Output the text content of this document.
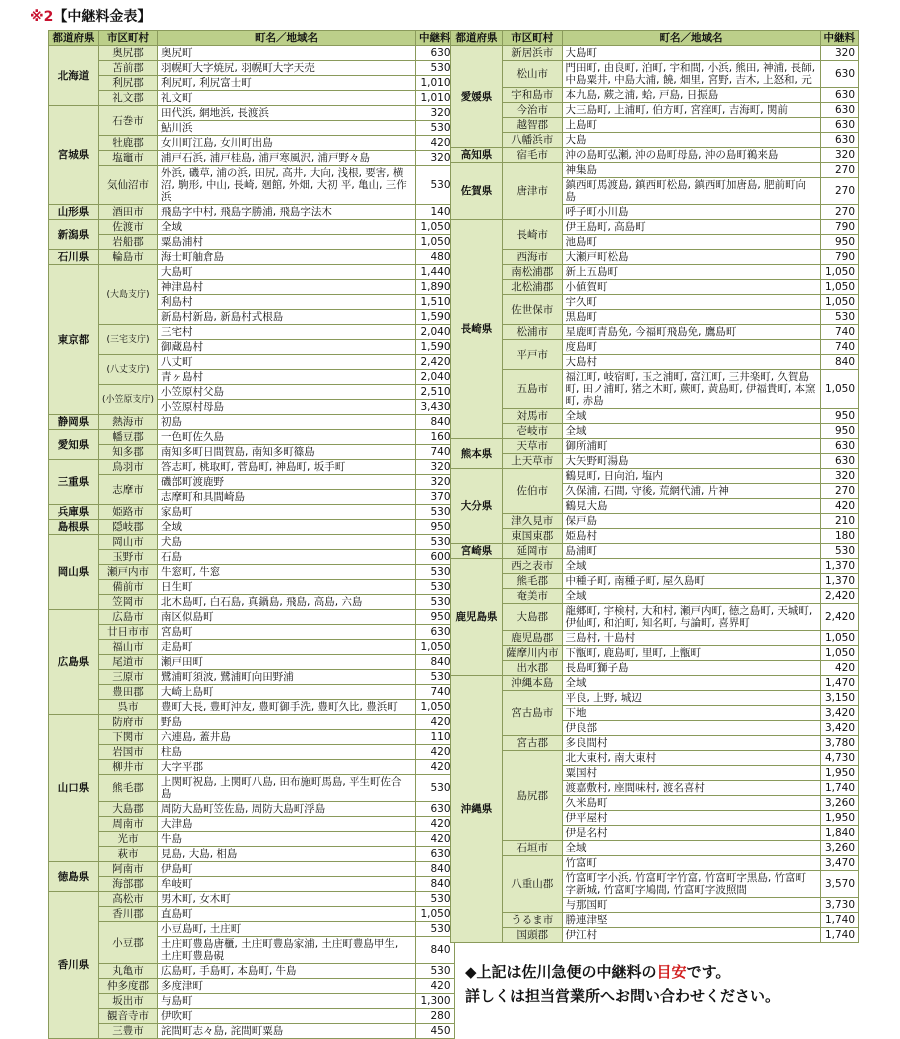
※2【中継料金表】
都道府県	市区町村	町名／地域名	中継料
北海道	奥尻郡	奥尻町	630
	苫前郡	羽幌町大字焼尻, 羽幌町大字天売	530
	利尻郡	利尻町, 利尻富士町	1,010
	礼文郡	礼文町	1,010
宮城県	石巻市	田代浜, 網地浜, 長渡浜	320
		鮎川浜	530
	牡鹿郡	女川町江島, 女川町出島	420
	塩竈市	浦戸石浜, 浦戸桂島, 浦戸寒風沢, 浦戸野々島	320
	気仙沼市	外浜, 磯草, 浦の浜, 田尻, 高井, 大向, 浅根, 要害, 横沼, 駒形, 中山, 長崎, 廻館, 外畑, 大初 平, 亀山, 三作浜	530
山形県	酒田市	飛島字中村, 飛島字勝浦, 飛島字法木	140
新潟県	佐渡市	全域	1,050
	岩船郡	粟島浦村	1,050
石川県	輪島市	海士町舳倉島	480
東京都	(大島支庁)	大島町	1,440
		神津島村	1,890
		利島村	1,510
		新島村新島, 新島村式根島	1,590
	(三宅支庁)	三宅村	2,040
		御蔵島村	1,590
	(八丈支庁)	八丈町	2,420
		青ヶ島村	2,040
	(小笠原支庁)	小笠原村父島	2,510
		小笠原村母島	3,430
静岡県	熱海市	初島	840
愛知県	幡豆郡	一色町佐久島	160
	知多郡	南知多町日間賀島, 南知多町篠島	740
三重県	鳥羽市	答志町, 桃取町, 菅島町, 神島町, 坂手町	320
	志摩市	磯部町渡鹿野	320
		志摩町和具間崎島	370
兵庫県	姫路市	家島町	530
島根県	隠岐郡	全域	950
岡山県	岡山市	犬島	530
	玉野市	石島	600
	瀬戸内市	牛窓町, 牛窓	530
	備前市	日生町	530
	笠岡市	北木島町, 白石島, 真鍋島, 飛島, 高島, 六島	530
広島県	広島市	南区似島町	950
	廿日市市	宮島町	630
	福山市	走島町	1,050
	尾道市	瀬戸田町	840
	三原市	鷺浦町須波, 鷺浦町向田野浦	530
	豊田郡	大崎上島町	740
	呉市	豊町大長, 豊町沖友, 豊町御手洗, 豊町久比, 豊浜町	1,050
山口県	防府市	野島	420
	下関市	六連島, 蓋井島	110
	岩国市	柱島	420
	柳井市	大字平郡	420
	熊毛郡	上関町祝島, 上関町八島, 田布施町馬島, 平生町佐合島	530
	大島郡	周防大島町笠佐島, 周防大島町浮島	630
	周南市	大津島	420
	光市	牛島	420
	萩市	見島, 大島, 相島	630
徳島県	阿南市	伊島町	840
	海部郡	牟岐町	840
香川県	高松市	男木町, 女木町	530
	香川郡	直島町	1,050
	小豆郡	小豆島町, 土庄町	530
		土庄町豊島唐櫃, 土庄町豊島家浦, 土庄町豊島甲生, 土庄町豊島硯	840
	丸亀市	広島町, 手島町, 本島町, 牛島	530
	仲多度郡	多度津町	420
	坂出市	与島町	1,300
	観音寺市	伊吹町	280
	三豊市	詫間町志々島, 詫間町粟島	450
都道府県	市区町村	町名／地域名	中継料
愛媛県	新居浜市	大島町	320
	松山市	門田町, 由良町, 泊町, 宇和間, 小浜, 熊田, 神浦, 長師, 中島粟井, 中島大浦, 饒, 畑里, 宮野, 吉木, 上怒和, 元	630
	宇和島市	本九島, 蕨之浦, 蛤, 戸島, 日振島	630
	今治市	大三島町, 上浦町, 伯方町, 宮窪町, 吉海町, 関前	630
	越智郡	上島町	630
	八幡浜市	大島	630
高知県	宿毛市	沖の島町弘瀬, 沖の島町母島, 沖の島町鵜来島	320
佐賀県	唐津市	神集島	270
		鎮西町馬渡島, 鎮西町松島, 鎮西町加唐島, 肥前町向島	270
		呼子町小川島	270
長崎県	長崎市	伊王島町, 高島町	790
		池島町	950
	西海市	大瀬戸町松島	790
	南松浦郡	新上五島町	1,050
	北松浦郡	小値賀町	1,050
	佐世保市	宇久町	1,050
		黒島町	530
	松浦市	星鹿町青島免, 今福町飛島免, 鷹島町	740
	平戸市	度島町	740
		大島村	840
	五島市	福江町, 岐宿町, 玉之浦町, 富江町, 三井楽町, 久賀島町, 田ノ浦町, 猪之木町, 蕨町, 黄島町, 伊福貴町, 本窯町, 赤島	1,050
	対馬市	全域	950
	壱岐市	全域	950
熊本県	天草市	御所浦町	630
	上天草市	大矢野町湯島	630
大分県	佐伯市	鶴見町, 日向泊, 塩内	320
		久保浦, 石間, 守後, 荒網代浦, 片神	270
		鶴見大島	420
	津久見市	保戸島	210
	東国東郡	姫島村	180
宮崎県	延岡市	島浦町	530
鹿児島県	西之表市	全域	1,370
	熊毛郡	中種子町, 南種子町, 屋久島町	1,370
	奄美市	全域	2,420
	大島郡	龍郷町, 宇検村, 大和村, 瀬戸内町, 徳之島町, 天城町, 伊仙町, 和泊町, 知名町, 与論町, 喜界町	2,420
	鹿児島郡	三島村, 十島村	1,050
	薩摩川内市	下甑町, 鹿島町, 里町, 上甑町	1,050
	出水郡	長島町獅子島	420
沖縄県	沖縄本島	全域	1,470
	宮古島市	平良, 上野, 城辺	3,150
		下地	3,420
		伊良部	3,420
	宮古郡	多良間村	3,780
	島尻郡	北大東村, 南大東村	4,730
		粟国村	1,950
		渡嘉敷村, 座間味村, 渡名喜村	1,740
		久米島町	3,260
		伊平屋村	1,950
		伊是名村	1,840
	石垣市	全域	3,260
	八重山郡	竹富町	3,470
		竹富町字小浜, 竹富町字竹富, 竹富町字黒島, 竹富町字新城, 竹富町字鳩間, 竹富町字波照間	3,570
		与那国町	3,730
	うるま市	勝連津堅	1,740
	国頭郡	伊江村	1,740
◆上記は佐川急便の中継料の目安です。
詳しくは担当営業所へお問い合わせください。
